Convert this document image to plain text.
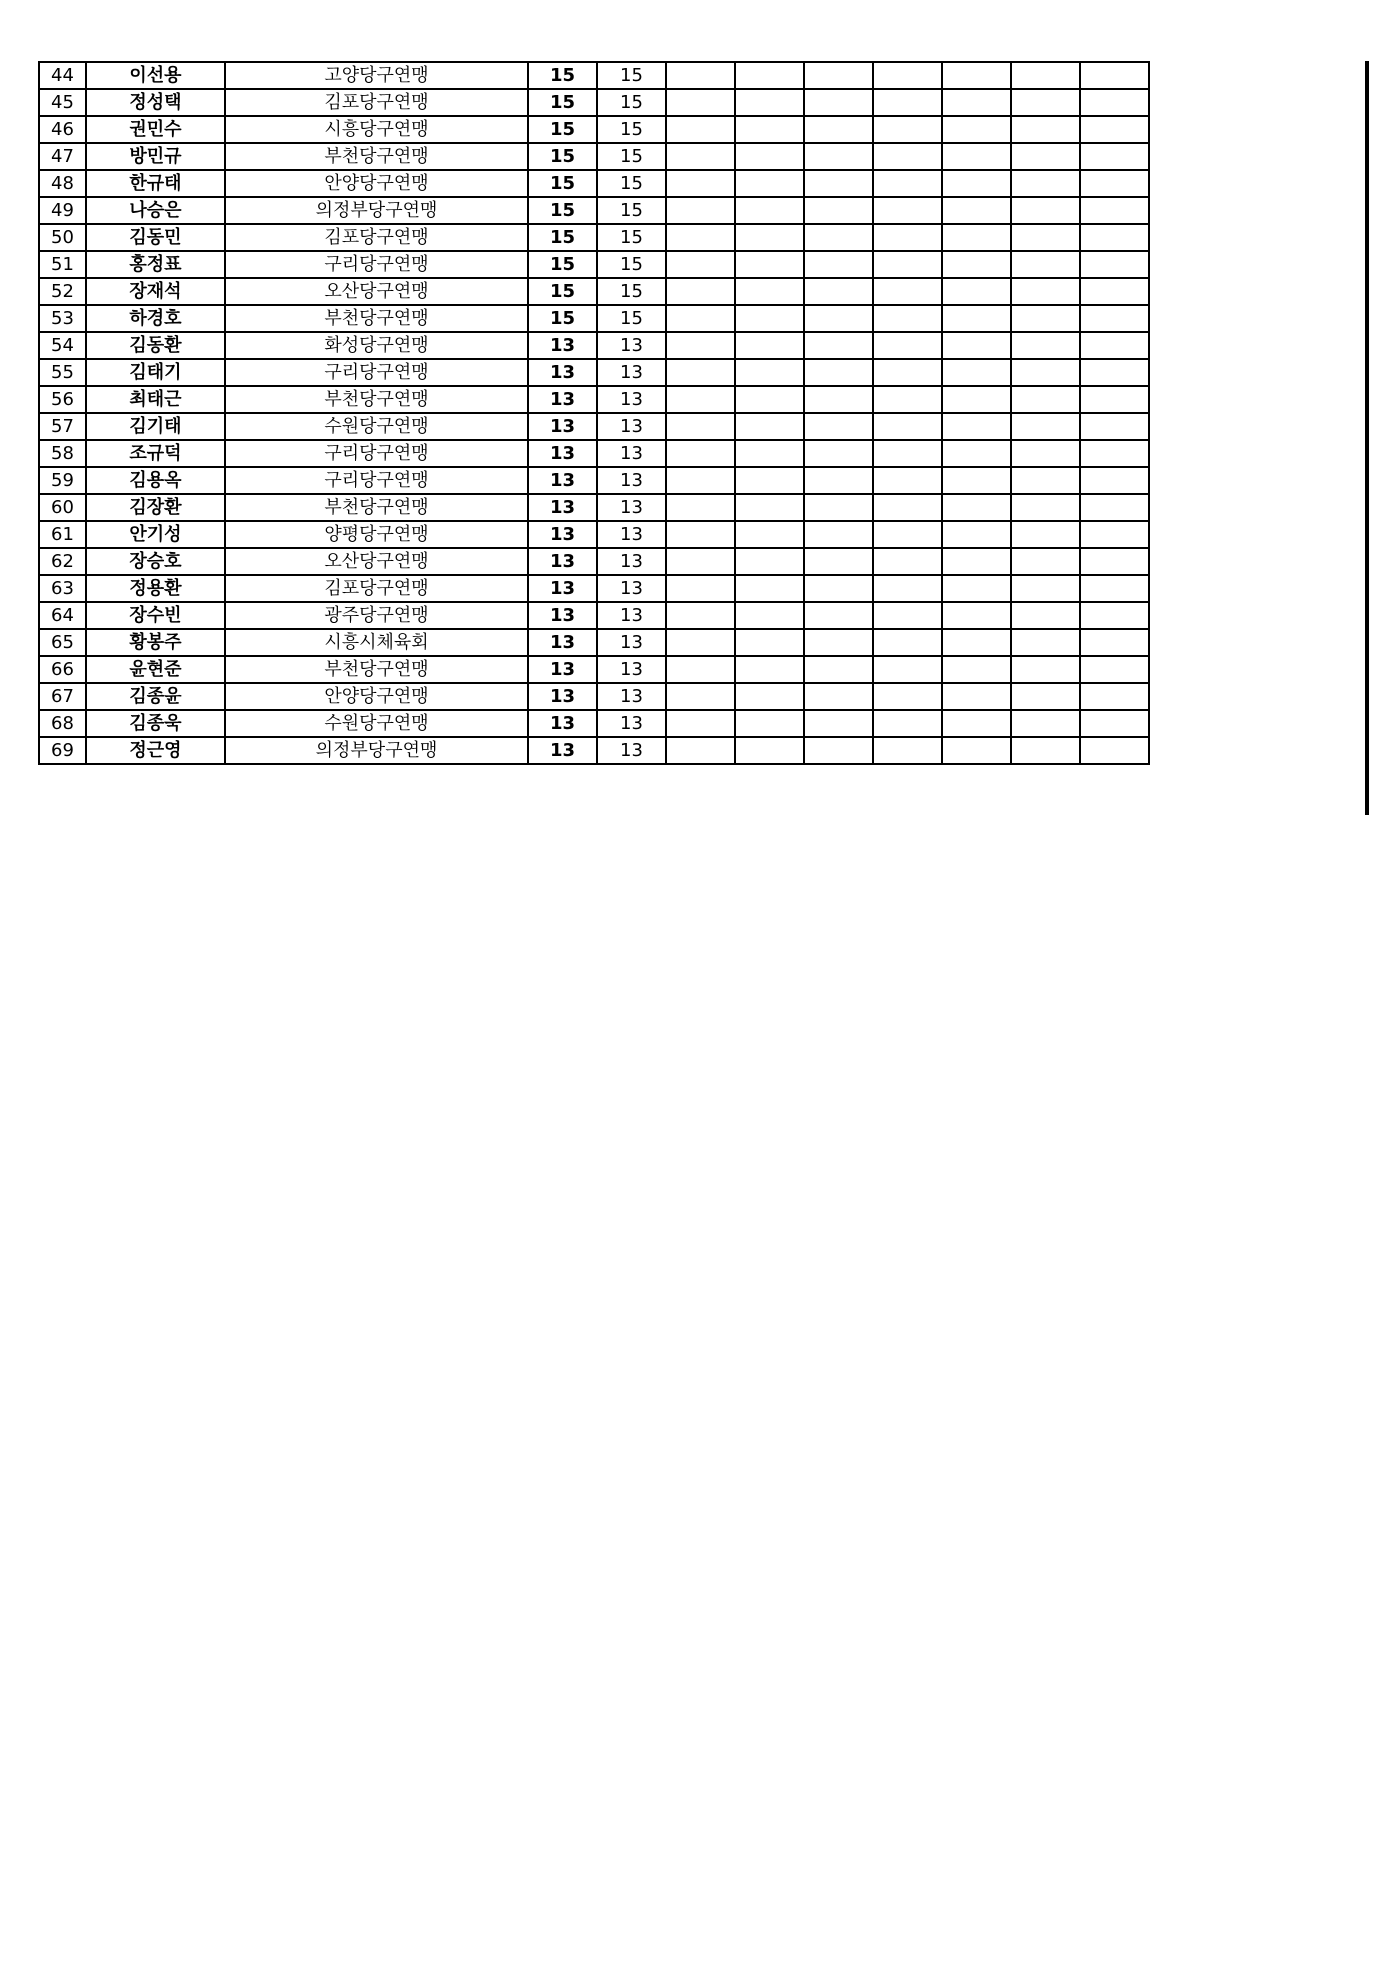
44	이선용	고양당구연맹	15	15							
45	정성택	김포당구연맹	15	15							
46	권민수	시흥당구연맹	15	15							
47	방민규	부천당구연맹	15	15							
48	한규태	안양당구연맹	15	15							
49	나승은	의정부당구연맹	15	15							
50	김동민	김포당구연맹	15	15							
51	홍정표	구리당구연맹	15	15							
52	장재석	오산당구연맹	15	15							
53	하경호	부천당구연맹	15	15							
54	김동환	화성당구연맹	13	13							
55	김태기	구리당구연맹	13	13							
56	최태근	부천당구연맹	13	13							
57	김기태	수원당구연맹	13	13							
58	조규덕	구리당구연맹	13	13							
59	김용옥	구리당구연맹	13	13							
60	김장환	부천당구연맹	13	13							
61	안기성	양평당구연맹	13	13							
62	장승호	오산당구연맹	13	13							
63	정용환	김포당구연맹	13	13							
64	장수빈	광주당구연맹	13	13							
65	황봉주	시흥시체육회	13	13							
66	윤현준	부천당구연맹	13	13							
67	김종윤	안양당구연맹	13	13							
68	김종욱	수원당구연맹	13	13							
69	정근영	의정부당구연맹	13	13							
